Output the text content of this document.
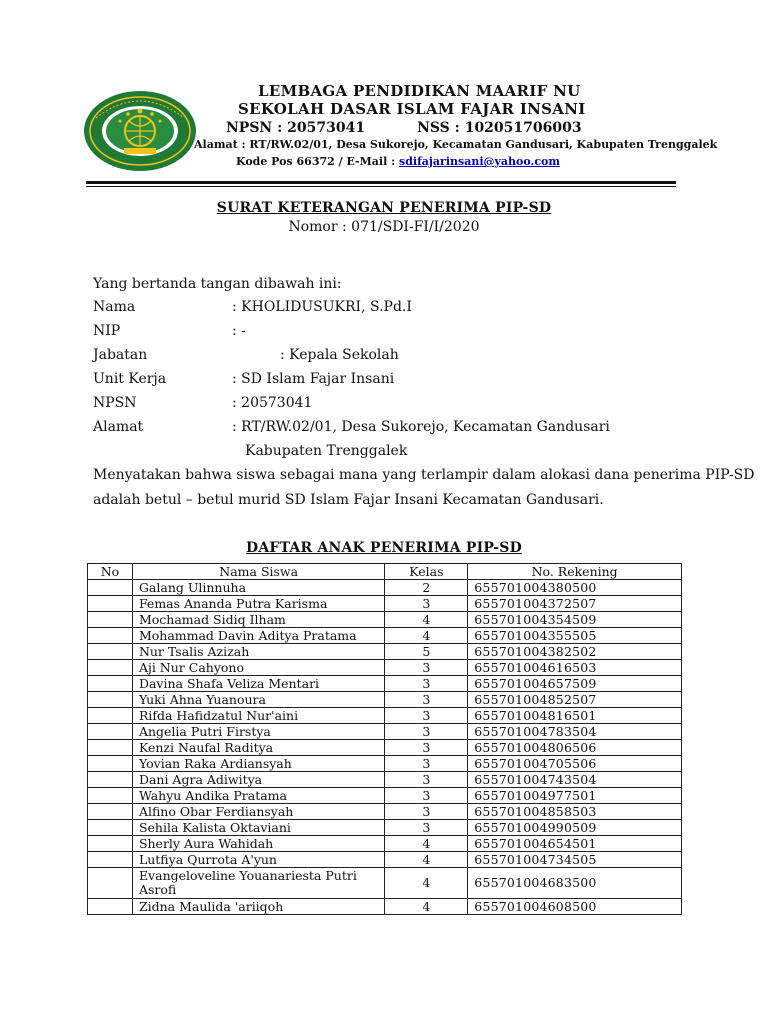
LEMBAGA PENDIDIKAN MAARIF NU
SEKOLAH DASAR ISLAM FAJAR INSANI
NPSN : 20573041	NSS : 102051706003
Alamat : RT/RW.02/01, Desa Sukorejo, Kecamatan Gandusari, Kabupaten Trenggalek
Kode Pos 66372 / E-Mail : sdifajarinsani@yahoo.com
SURAT KETERANGAN PENERIMA PIP-SD
Nomor : 071/SDI-FI/I/2020
Yang bertanda tangan dibawah ini:
Nama	: KHOLIDUSUKRI, S.Pd.I
NIP	: -
Jabatan	: Kepala Sekolah
Unit Kerja	: SD Islam Fajar Insani
NPSN	: 20573041
Alamat	: RT/RW.02/01, Desa Sukorejo, Kecamatan Gandusari
Kabupaten Trenggalek
Menyatakan bahwa siswa sebagai mana yang terlampir dalam alokasi dana penerima PIP-SD
adalah betul – betul murid SD Islam Fajar Insani Kecamatan Gandusari.
DAFTAR ANAK PENERIMA PIP-SD
No	Nama Siswa	Kelas	No. Rekening
	Galang Ulinnuha	2	655701004380500
	Femas Ananda Putra Karisma	3	655701004372507
	Mochamad Sidiq Ilham	4	655701004354509
	Mohammad Davin Aditya Pratama	4	655701004355505
	Nur Tsalis Azizah	5	655701004382502
	Aji Nur Cahyono	3	655701004616503
	Davina Shafa Veliza Mentari	3	655701004657509
	Yuki Ahna Yuanoura	3	655701004852507
	Rifda Hafidzatul Nur'aini	3	655701004816501
	Angelia Putri Firstya	3	655701004783504
	Kenzi Naufal Raditya	3	655701004806506
	Yovian Raka Ardiansyah	3	655701004705506
	Dani Agra Adiwitya	3	655701004743504
	Wahyu Andika Pratama	3	655701004977501
	Alfino Obar Ferdiansyah	3	655701004858503
	Sehila Kalista Oktaviani	3	655701004990509
	Sherly Aura Wahidah	4	655701004654501
	Lutfiya Qurrota A'yun	4	655701004734505
	Evangeloveline Youanariesta Putri Asrofi	4	655701004683500
	Zidna Maulida 'ariiqoh	4	655701004608500
